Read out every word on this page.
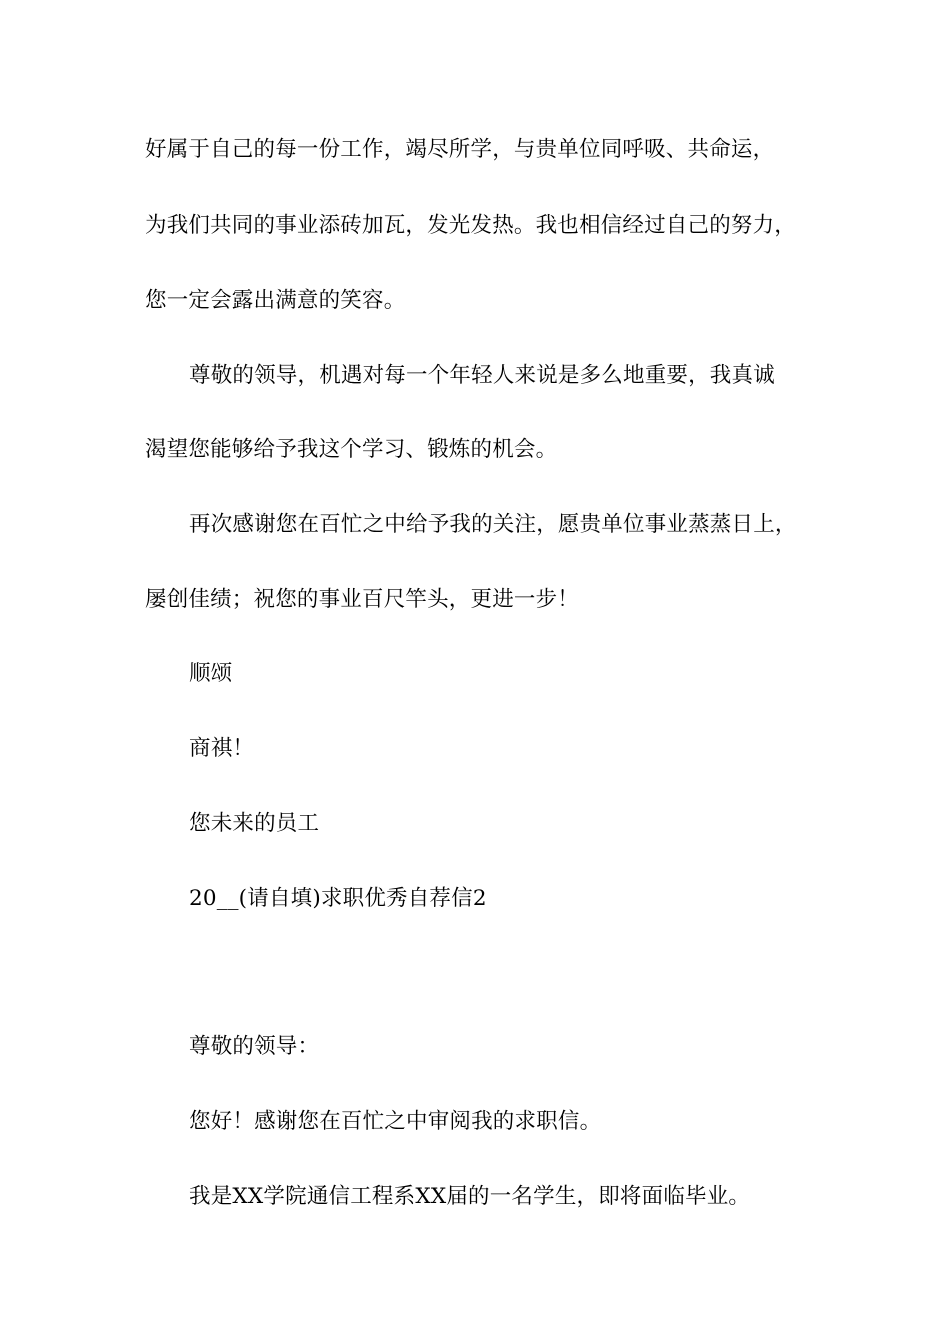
好属于自己的每一份工作，竭尽所学，与贵单位同呼吸、共命运，
为我们共同的事业添砖加瓦，发光发热。我也相信经过自己的努力，
您一定会露出满意的笑容。
尊敬的领导，机遇对每一个年轻人来说是多么地重要，我真诚
渴望您能够给予我这个学习、锻炼的机会。
再次感谢您在百忙之中给予我的关注，愿贵单位事业蒸蒸日上，
屡创佳绩；祝您的事业百尺竿头，更进一步！
顺颂
商祺！
您未来的员工
20__(请自填)求职优秀自荐信2
尊敬的领导：
您好！感谢您在百忙之中审阅我的求职信。
我是XX学院通信工程系XX届的一名学生，即将面临毕业。
